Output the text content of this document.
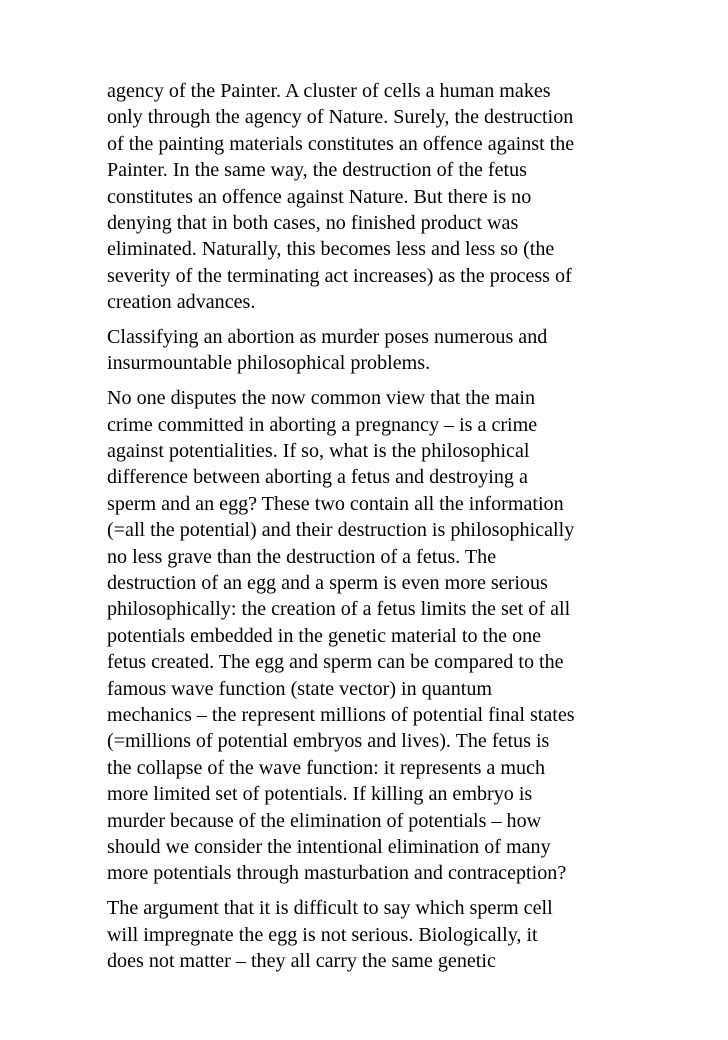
agency of the Painter. A cluster of cells a human makes
only through the agency of Nature. Surely, the destruction
of the painting materials constitutes an offence against the
Painter. In the same way, the destruction of the fetus
constitutes an offence against Nature. But there is no
denying that in both cases, no finished product was
eliminated. Naturally, this becomes less and less so (the
severity of the terminating act increases) as the process of
creation advances.

Classifying an abortion as murder poses numerous and
insurmountable philosophical problems.

No one disputes the now common view that the main
crime committed in aborting a pregnancy – is a crime
against potentialities. If so, what is the philosophical
difference between aborting a fetus and destroying a
sperm and an egg? These two contain all the information
(=all the potential) and their destruction is philosophically
no less grave than the destruction of a fetus. The
destruction of an egg and a sperm is even more serious
philosophically: the creation of a fetus limits the set of all
potentials embedded in the genetic material to the one
fetus created. The egg and sperm can be compared to the
famous wave function (state vector) in quantum
mechanics – the represent millions of potential final states
(=millions of potential embryos and lives). The fetus is
the collapse of the wave function: it represents a much
more limited set of potentials. If killing an embryo is
murder because of the elimination of potentials – how
should we consider the intentional elimination of many
more potentials through masturbation and contraception?

The argument that it is difficult to say which sperm cell
will impregnate the egg is not serious. Biologically, it
does not matter – they all carry the same genetic
